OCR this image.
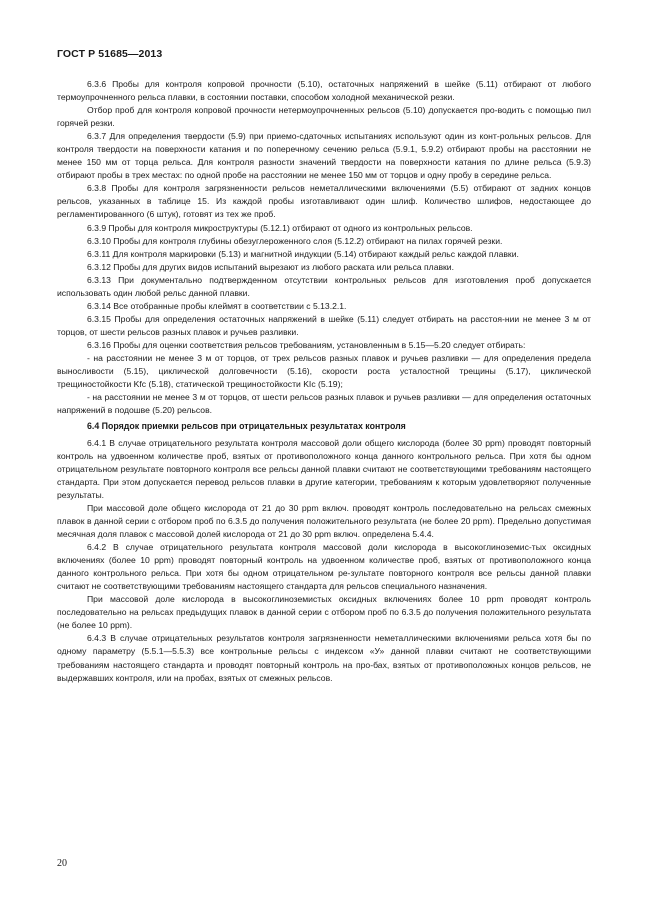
ГОСТ Р 51685—2013

6.3.6 Пробы для контроля копровой прочности (5.10), остаточных напряжений в шейке (5.11) отбирают от любого термоупрочненного рельса плавки, в состоянии поставки, способом холодной механической резки.

Отбор проб для контроля копровой прочности нетермоупрочненных рельсов (5.10) допускается про-водить с помощью пил горячей резки.

6.3.7 Для определения твердости (5.9) при приемо-сдаточных испытаниях используют один из конт-рольных рельсов. Для контроля твердости на поверхности катания и по поперечному сечению рельса (5.9.1, 5.9.2) отбирают пробы на расстоянии не менее 150 мм от торца рельса. Для контроля разности значений твердости на поверхности катания по длине рельса (5.9.3) отбирают пробы в трех местах: по одной пробе на расстоянии не менее 150 мм от торцов и одну пробу в середине рельса.

6.3.8 Пробы для контроля загрязненности рельсов неметаллическими включениями (5.5) отбирают от задних концов рельсов, указанных в таблице 15. Из каждой пробы изготавливают один шлиф. Количество шлифов, недостающее до регламентированного (6 штук), готовят из тех же проб.

6.3.9 Пробы для контроля микроструктуры (5.12.1) отбирают от одного из контрольных рельсов.

6.3.10 Пробы для контроля глубины обезуглероженного слоя (5.12.2) отбирают на пилах горячей резки.

6.3.11 Для контроля маркировки (5.13) и магнитной индукции (5.14) отбирают каждый рельс каждой плавки.

6.3.12 Пробы для других видов испытаний вырезают из любого раската или рельса плавки.

6.3.13 При документально подтвержденном отсутствии контрольных рельсов для изготовления проб допускается использовать один любой рельс данной плавки.

6.3.14 Все отобранные пробы клеймят в соответствии с 5.13.2.1.

6.3.15 Пробы для определения остаточных напряжений в шейке (5.11) следует отбирать на расстоя-нии не менее 3 м от торцов, от шести рельсов разных плавок и ручьев разливки.

6.3.16 Пробы для оценки соответствия рельсов требованиям, установленным в 5.15—5.20 следует отбирать:

- на расстоянии не менее 3 м от торцов, от трех рельсов разных плавок и ручьев разливки — для определения предела выносливости (5.15), циклической долговечности (5.16), скорости роста усталостной трещины (5.17), циклической трещиностойкости Kfc (5.18), статической трещиностойкости KIc (5.19);

- на расстоянии не менее 3 м от торцов, от шести рельсов разных плавок и ручьев разливки — для определения остаточных напряжений в подошве (5.20) рельсов.

6.4 Порядок приемки рельсов при отрицательных результатах контроля

6.4.1 В случае отрицательного результата контроля массовой доли общего кислорода (более 30 ppm) проводят повторный контроль на удвоенном количестве проб, взятых от противоположного конца данного контрольного рельса. При хотя бы одном отрицательном результате повторного контроля все рельсы данной плавки считают не соответствующими требованиям настоящего стандарта. При этом допускается перевод рельсов плавки в другие категории, требованиям к которым удовлетворяют полученные результаты.

При массовой доле общего кислорода от 21 до 30 ppm включ. проводят контроль последовательно на рельсах смежных плавок в данной серии с отбором проб по 6.3.5 до получения положительного результата (не более 20 ppm). Предельно допустимая месячная доля плавок с массовой долей кислорода от 21 до 30 ppm включ. определена 5.4.4.

6.4.2 В случае отрицательного результата контроля массовой доли кислорода в высокоглиноземис-тых оксидных включениях (более 10 ppm) проводят повторный контроль на удвоенном количестве проб, взятых от противоположного конца данного контрольного рельса. При хотя бы одном отрицательном ре-зультате повторного контроля все рельсы данной плавки считают не соответствующими требованиям настоящего стандарта для рельсов специального назначения.

При массовой доле кислорода в высокоглиноземистых оксидных включениях более 10 ppm проводят контроль последовательно на рельсах предыдущих плавок в данной серии с отбором проб по 6.3.5 до получения положительного результата (не более 10 ppm).

6.4.3 В случае отрицательных результатов контроля загрязненности неметаллическими включениями рельса хотя бы по одному параметру (5.5.1—5.5.3) все контрольные рельсы с индексом «У» данной плавки считают не соответствующими требованиям настоящего стандарта и проводят повторный контроль на про-бах, взятых от противоположных концов рельсов, не выдержавших контроля, или на пробах, взятых от смежных рельсов.

20
